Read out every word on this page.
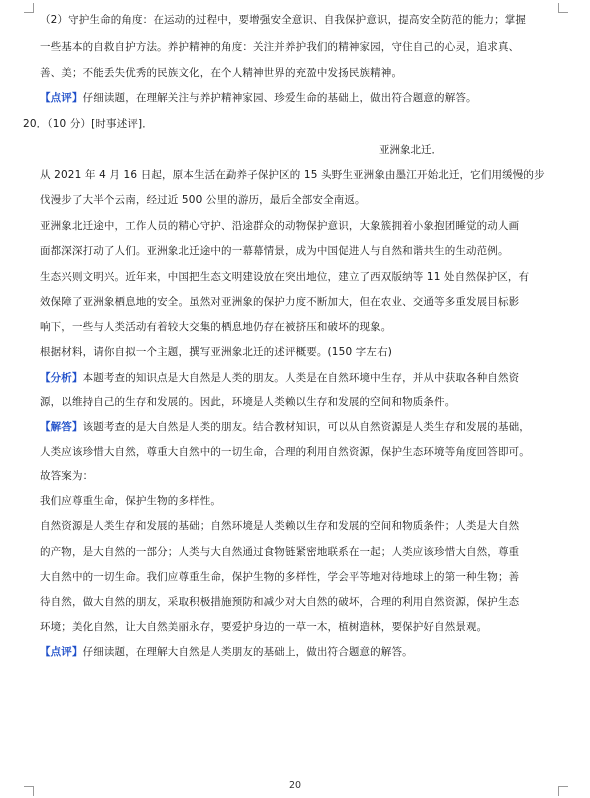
（2）守护生命的角度：在运动的过程中，要增强安全意识、自我保护意识，提高安全防范的能力；掌握
一些基本的自救自护方法。养护精神的角度：关注并养护我们的精神家园，守住自己的心灵，追求真、
善、美；不能丢失优秀的民族文化，在个人精神世界的充盈中发扬民族精神。
【点评】仔细读题，在理解关注与养护精神家园、珍爱生命的基础上，做出符合题意的解答。
20．（10 分）[时事述评]．
亚洲象北迁．
从 2021 年 4 月 16 日起，原本生活在勐养子保护区的 15 头野生亚洲象由墨江开始北迁，它们用缓慢的步
伐漫步了大半个云南，经过近 500 公里的游历，最后全部安全南返。
亚洲象北迁途中，工作人员的精心守护、沿途群众的动物保护意识，大象簇拥着小象抱团睡觉的动人画
面都深深打动了人们。亚洲象北迁途中的一幕幕情景，成为中国促进人与自然和谐共生的生动范例。
生态兴则文明兴。近年来，中国把生态文明建设放在突出地位，建立了西双版纳等 11 处自然保护区，有
效保障了亚洲象栖息地的安全。虽然对亚洲象的保护力度不断加大，但在农业、交通等多重发展目标影
响下，一些与人类活动有着较大交集的栖息地仍存在被挤压和破坏的现象。
根据材料，请你自拟一个主题，撰写亚洲象北迁的述评概要。(150 字左右)
【分析】本题考查的知识点是大自然是人类的朋友。人类是在自然环境中生存，并从中获取各种自然资
源，以维持自己的生存和发展的。因此，环境是人类赖以生存和发展的空间和物质条件。
【解答】该题考查的是大自然是人类的朋友。结合教材知识，可以从自然资源是人类生存和发展的基础，
人类应该珍惜大自然，尊重大自然中的一切生命，合理的利用自然资源，保护生态环境等角度回答即可。
故答案为：
我们应尊重生命，保护生物的多样性。
自然资源是人类生存和发展的基础；自然环境是人类赖以生存和发展的空间和物质条件；人类是大自然
的产物，是大自然的一部分；人类与大自然通过食物链紧密地联系在一起；人类应该珍惜大自然，尊重
大自然中的一切生命。我们应尊重生命，保护生物的多样性，学会平等地对待地球上的第一种生物；善
待自然，做大自然的朋友，采取积极措施预防和减少对大自然的破坏，合理的利用自然资源，保护生态
环境；美化自然，让大自然美丽永存，要爱护身边的一草一木，植树造林，要保护好自然景观。
【点评】仔细读题，在理解大自然是人类朋友的基础上，做出符合题意的解答。
20
